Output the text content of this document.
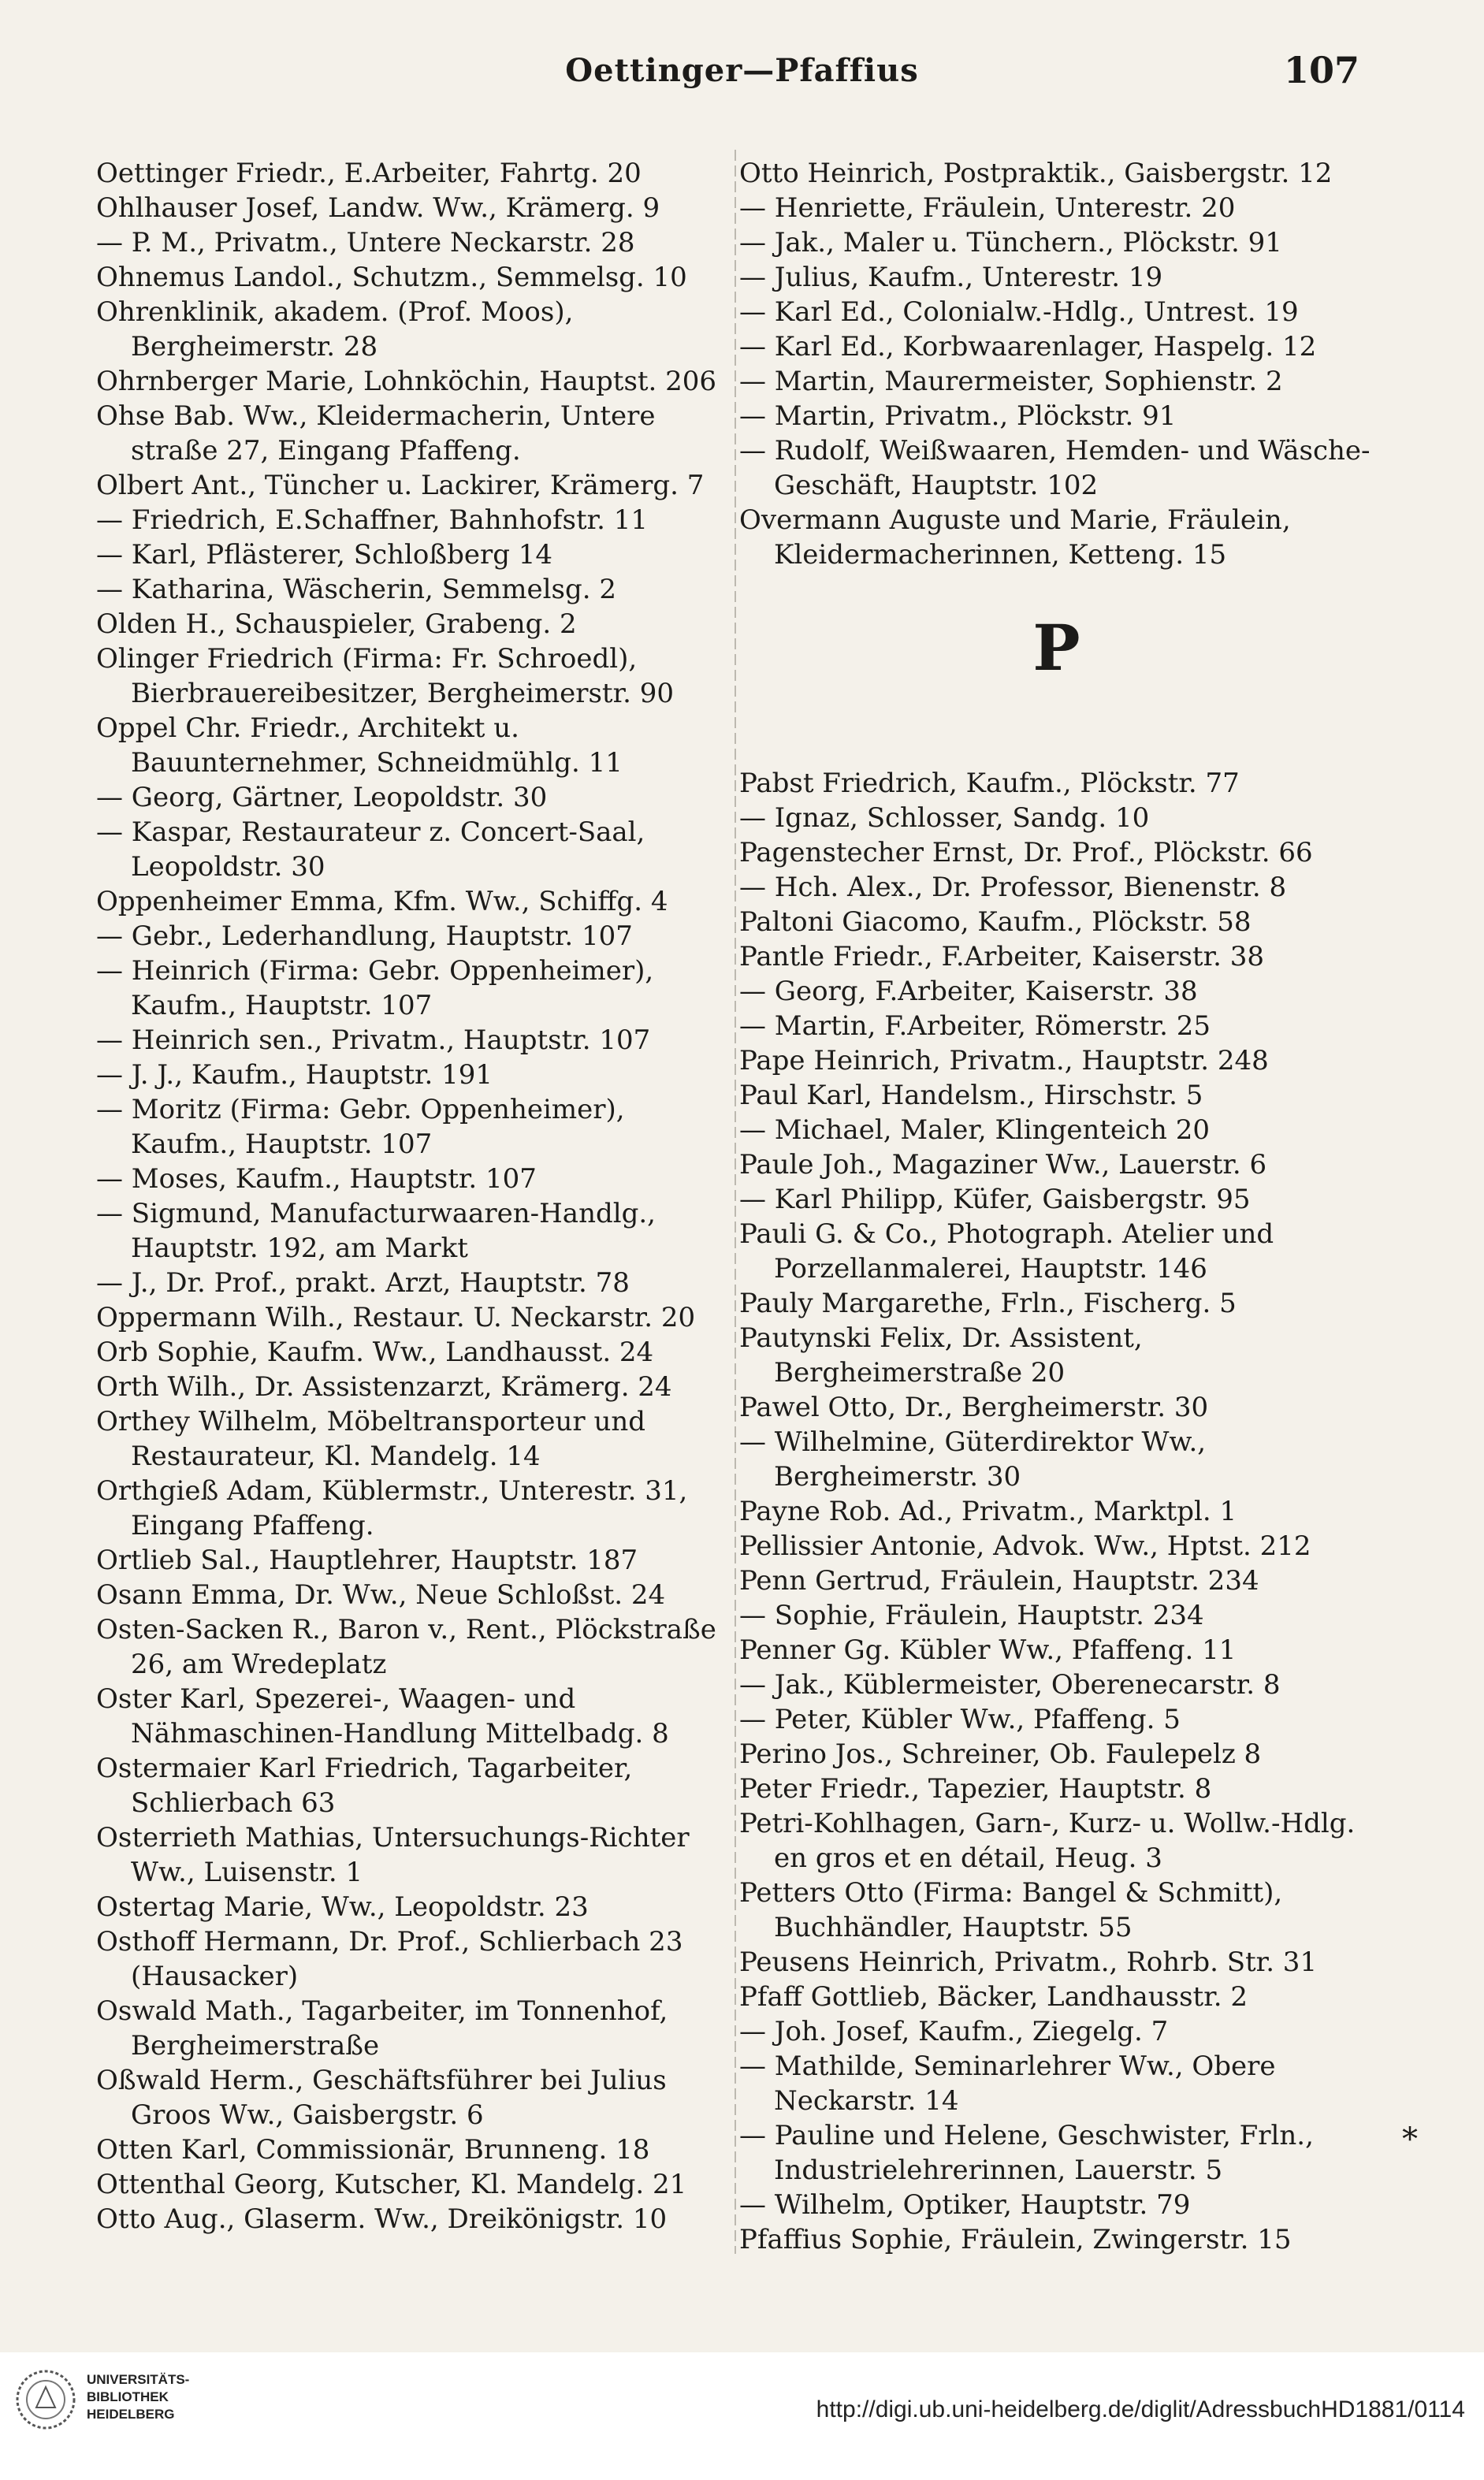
Oettinger—Pfaffius	107
Oettinger Friedr., E.Arbeiter, Fahrtg. 20
Ohlhauser Josef, Landw. Ww., Krämerg. 9
— P. M., Privatm., Untere Neckarstr. 28
Ohnemus Landol., Schutzm., Semmelsg. 10
Ohrenklinik, akadem. (Prof. Moos), Bergheimerstr. 28
Ohrnberger Marie, Lohnköchin, Hauptst. 206
Ohse Bab. Ww., Kleidermacherin, Untere straße 27, Eingang Pfaffeng.
Olbert Ant., Tüncher u. Lackirer, Krämerg. 7
— Friedrich, E.Schaffner, Bahnhofstr. 11
— Karl, Pflästerer, Schloßberg 14
— Katharina, Wäscherin, Semmelsg. 2
Olden H., Schauspieler, Grabeng. 2
Olinger Friedrich (Firma: Fr. Schroedl), Bierbrauereibesitzer, Bergheimerstr. 90
Oppel Chr. Friedr., Architekt u. Bauunternehmer, Schneidmühlg. 11
— Georg, Gärtner, Leopoldstr. 30
— Kaspar, Restaurateur z. Concert-Saal, Leopoldstr. 30
Oppenheimer Emma, Kfm. Ww., Schiffg. 4
— Gebr., Lederhandlung, Hauptstr. 107
— Heinrich (Firma: Gebr. Oppenheimer), Kaufm., Hauptstr. 107
— Heinrich sen., Privatm., Hauptstr. 107
— J. J., Kaufm., Hauptstr. 191
— Moritz (Firma: Gebr. Oppenheimer), Kaufm., Hauptstr. 107
— Moses, Kaufm., Hauptstr. 107
— Sigmund, Manufacturwaaren-Handlg., Hauptstr. 192, am Markt
— J., Dr. Prof., prakt. Arzt, Hauptstr. 78
Oppermann Wilh., Restaur. U. Neckarstr. 20
Orb Sophie, Kaufm. Ww., Landhausst. 24
Orth Wilh., Dr. Assistenzarzt, Krämerg. 24
Orthey Wilhelm, Möbeltransporteur und Restaurateur, Kl. Mandelg. 14
Orthgieß Adam, Küblermstr., Unterestr. 31, Eingang Pfaffeng.
Ortlieb Sal., Hauptlehrer, Hauptstr. 187
Osann Emma, Dr. Ww., Neue Schloßst. 24
Osten-Sacken R., Baron v., Rent., Plöckstraße 26, am Wredeplatz
Oster Karl, Spezerei-, Waagen- und Nähmaschinen-Handlung Mittelbadg. 8
Ostermaier Karl Friedrich, Tagarbeiter, Schlierbach 63
Osterrieth Mathias, Untersuchungs-Richter Ww., Luisenstr. 1
Ostertag Marie, Ww., Leopoldstr. 23
Osthoff Hermann, Dr. Prof., Schlierbach 23 (Hausacker)
Oswald Math., Tagarbeiter, im Tonnenhof, Bergheimerstraße
Oßwald Herm., Geschäftsführer bei Julius Groos Ww., Gaisbergstr. 6
Otten Karl, Commissionär, Brunneng. 18
Ottenthal Georg, Kutscher, Kl. Mandelg. 21
Otto Aug., Glaserm. Ww., Dreikönigstr. 10
Otto Heinrich, Postpraktik., Gaisbergstr. 12
— Henriette, Fräulein, Unterestr. 20
— Jak., Maler u. Tünchern., Plöckstr. 91
— Julius, Kaufm., Unterestr. 19
— Karl Ed., Colonialw.-Hdlg., Untrest. 19
— Karl Ed., Korbwaarenlager, Haspelg. 12
— Martin, Maurermeister, Sophienstr. 2
— Martin, Privatm., Plöckstr. 91
— Rudolf, Weißwaaren, Hemden- und Wäsche-Geschäft, Hauptstr. 102
Overmann Auguste und Marie, Fräulein, Kleidermacherinnen, Ketteng. 15
P
Pabst Friedrich, Kaufm., Plöckstr. 77
— Ignaz, Schlosser, Sandg. 10
Pagenstecher Ernst, Dr. Prof., Plöckstr. 66
— Hch. Alex., Dr. Professor, Bienenstr. 8
Paltoni Giacomo, Kaufm., Plöckstr. 58
Pantle Friedr., F.Arbeiter, Kaiserstr. 38
— Georg, F.Arbeiter, Kaiserstr. 38
— Martin, F.Arbeiter, Römerstr. 25
Pape Heinrich, Privatm., Hauptstr. 248
Paul Karl, Handelsm., Hirschstr. 5
— Michael, Maler, Klingenteich 20
Paule Joh., Magaziner Ww., Lauerstr. 6
— Karl Philipp, Küfer, Gaisbergstr. 95
Pauli G. & Co., Photograph. Atelier und Porzellanmalerei, Hauptstr. 146
Pauly Margarethe, Frln., Fischerg. 5
Pautynski Felix, Dr. Assistent, Bergheimerstraße 20
Pawel Otto, Dr., Bergheimerstr. 30
— Wilhelmine, Güterdirektor Ww., Bergheimerstr. 30
Payne Rob. Ad., Privatm., Marktpl. 1
Pellissier Antonie, Advok. Ww., Hptst. 212
Penn Gertrud, Fräulein, Hauptstr. 234
— Sophie, Fräulein, Hauptstr. 234
Penner Gg. Kübler Ww., Pfaffeng. 11
— Jak., Küblermeister, Oberenecarstr. 8
— Peter, Kübler Ww., Pfaffeng. 5
Perino Jos., Schreiner, Ob. Faulepelz 8
Peter Friedr., Tapezier, Hauptstr. 8
Petri-Kohlhagen, Garn-, Kurz- u. Wollw.-Hdlg. en gros et en détail, Heug. 3
Petters Otto (Firma: Bangel & Schmitt), Buchhändler, Hauptstr. 55
Peusens Heinrich, Privatm., Rohrb. Str. 31
Pfaff Gottlieb, Bäcker, Landhausstr. 2
— Joh. Josef, Kaufm., Ziegelg. 7
— Mathilde, Seminarlehrer Ww., Obere Neckarstr. 14
— Pauline und Helene, Geschwister, Frln., Industrielehrerinnen, Lauerstr. 5
— Wilhelm, Optiker, Hauptstr. 79
Pfaffius Sophie, Fräulein, Zwingerstr. 15
*
UNIVERSITÄTS-
BIBLIOTHEK
HEIDELBERG	http://digi.ub.uni-heidelberg.de/diglit/AdressbuchHD1881/0114
